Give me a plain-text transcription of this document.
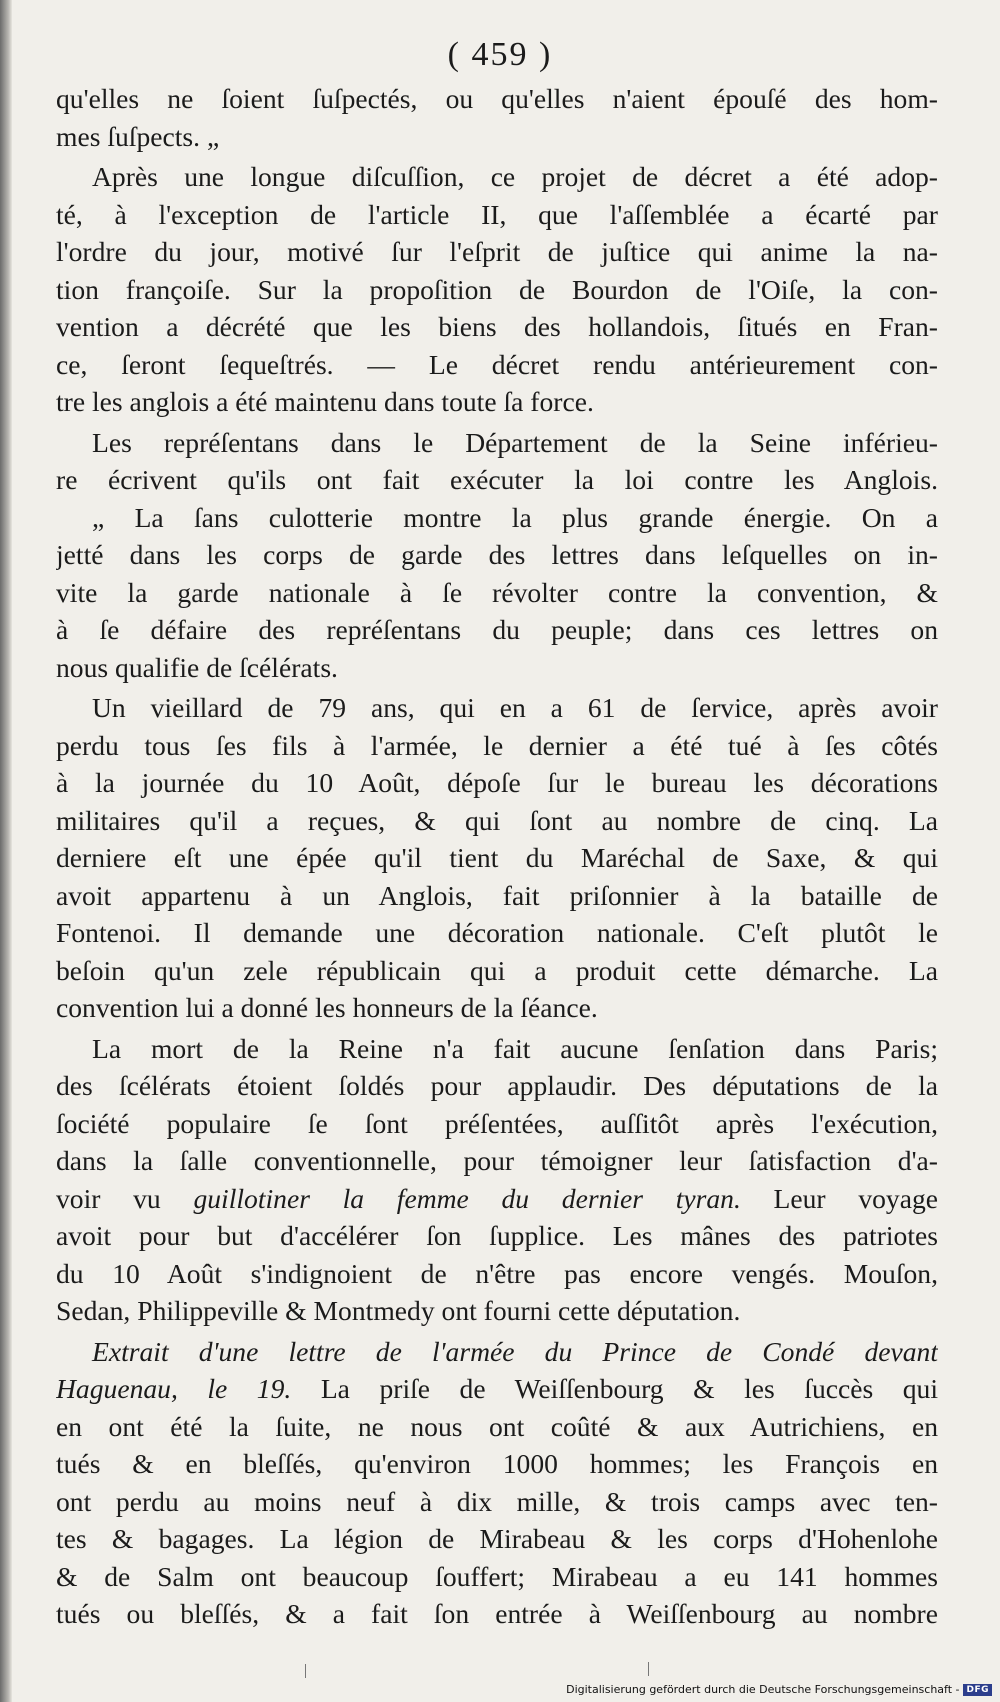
( 459 )
qu'elles ne ſoient ſuſpectés, ou qu'elles n'aient épouſé des hom-
mes ſuſpects. „
Après une longue diſcuſſion, ce projet de décret a été adop-
té, à l'exception de l'article II, que l'aſſemblée a écarté par
l'ordre du jour, motivé ſur l'eſprit de juſtice qui anime la na-
tion françoiſe. Sur la propoſition de Bourdon de l'Oiſe, la con-
vention a décrété que les biens des hollandois, ſitués en Fran-
ce, ſeront ſequeſtrés. — Le décret rendu antérieurement con-
tre les anglois a été maintenu dans toute ſa force.
Les repréſentans dans le Département de la Seine inférieu-
re écrivent qu'ils ont fait exécuter la loi contre les Anglois.
„ La ſans culotterie montre la plus grande énergie. On a
jetté dans les corps de garde des lettres dans leſquelles on in-
vite la garde nationale à ſe révolter contre la convention, &
à ſe défaire des repréſentans du peuple; dans ces lettres on
nous qualifie de ſcélérats.
Un vieillard de 79 ans, qui en a 61 de ſervice, après avoir
perdu tous ſes fils à l'armée, le dernier a été tué à ſes côtés
à la journée du 10 Août, dépoſe ſur le bureau les décorations
militaires qu'il a reçues, & qui ſont au nombre de cinq. La
derniere eſt une épée qu'il tient du Maréchal de Saxe, & qui
avoit appartenu à un Anglois, fait priſonnier à la bataille de
Fontenoi. Il demande une décoration nationale. C'eſt plutôt le
beſoin qu'un zele républicain qui a produit cette démarche. La
convention lui a donné les honneurs de la ſéance.
La mort de la Reine n'a fait aucune ſenſation dans Paris;
des ſcélérats étoient ſoldés pour applaudir. Des députations de la
ſociété populaire ſe ſont préſentées, auſſitôt après l'exécution,
dans la ſalle conventionnelle, pour témoigner leur ſatisfaction d'a-
voir vu guillotiner la femme du dernier tyran. Leur voyage
avoit pour but d'accélérer ſon ſupplice. Les mânes des patriotes
du 10 Août s'indignoient de n'être pas encore vengés. Mouſon,
Sedan, Philippeville & Montmedy ont fourni cette députation.
Extrait d'une lettre de l'armée du Prince de Condé devant
Haguenau, le 19. La priſe de Weiſſenbourg & les ſuccès qui
en ont été la ſuite, ne nous ont coûté & aux Autrichiens, en
tués & en bleſſés, qu'environ 1000 hommes; les François en
ont perdu au moins neuf à dix mille, & trois camps avec ten-
tes & bagages. La légion de Mirabeau & les corps d'Hohenlohe
& de Salm ont beaucoup ſouffert; Mirabeau a eu 141 hommes
tués ou bleſſés, & a fait ſon entrée à Weiſſenbourg au nombre
Digitalisierung gefördert durch die Deutsche Forschungsgemeinschaft - DFG
